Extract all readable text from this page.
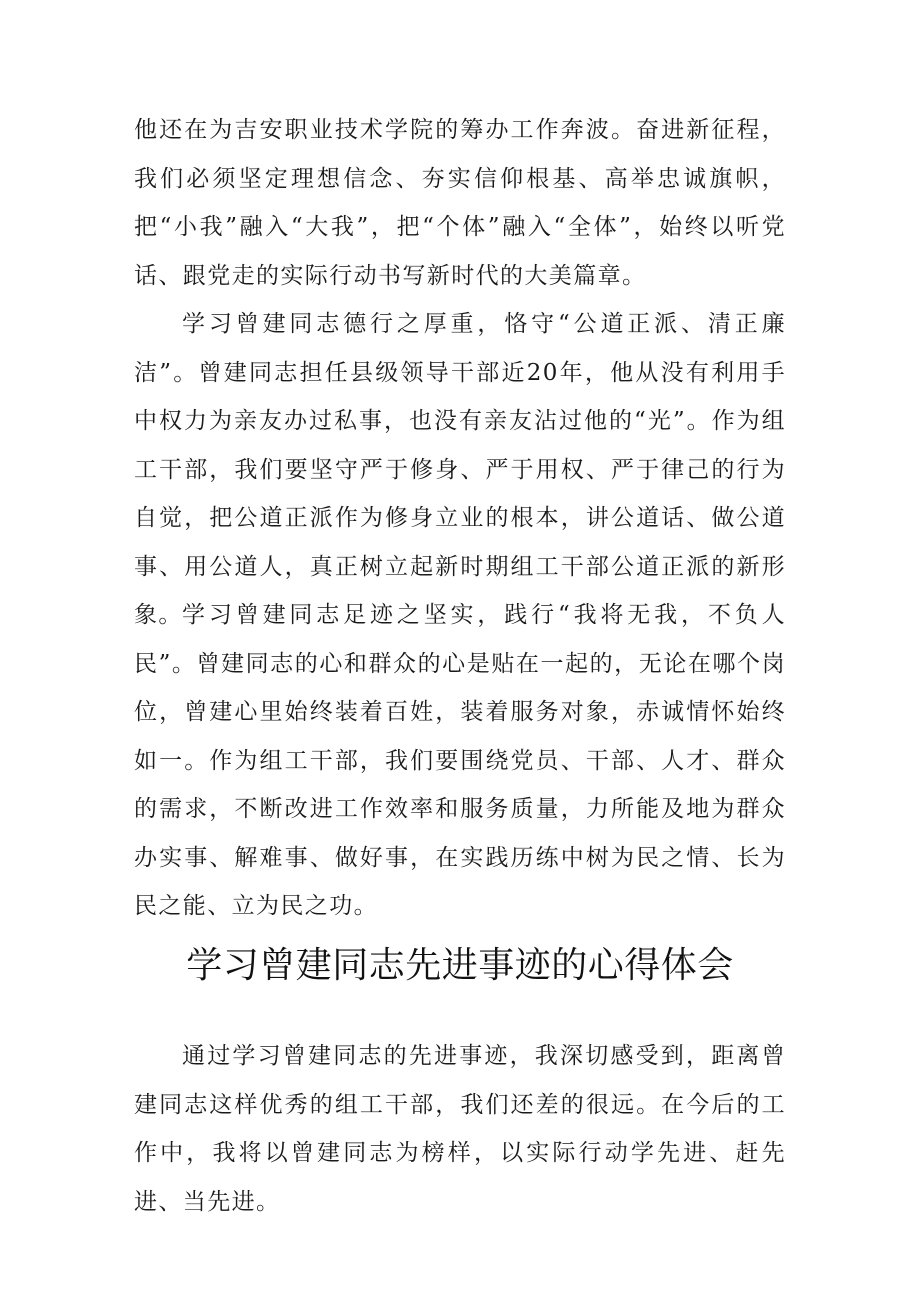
他还在为吉安职业技术学院的筹办工作奔波。奋进新征程，我们必须坚定理想信念、夯实信仰根基、高举忠诚旗帜，把“小我”融入“大我”，把“个体”融入“全体”，始终以听党话、跟党走的实际行动书写新时代的大美篇章。

学习曾建同志德行之厚重，恪守“公道正派、清正廉洁”。曾建同志担任县级领导干部近20年，他从没有利用手中权力为亲友办过私事，也没有亲友沾过他的“光”。作为组工干部，我们要坚守严于修身、严于用权、严于律己的行为自觉，把公道正派作为修身立业的根本，讲公道话、做公道事、用公道人，真正树立起新时期组工干部公道正派的新形象。 学习曾建同志足迹之坚实，践行“我将无我，不负人民”。曾建同志的心和群众的心是贴在一起的，无论在哪个岗位，曾建心里始终装着百姓，装着服务对象，赤诚情怀始终如一。作为组工干部，我们要围绕党员、干部、人才、群众的需求，不断改进工作效率和服务质量，力所能及地为群众办实事、解难事、做好事，在实践历练中树为民之情、长为民之能、立为民之功。

学习曾建同志先进事迹的心得体会

通过学习曾建同志的先进事迹，我深切感受到，距离曾建同志这样优秀的组工干部，我们还差的很远。在今后的工作中，我将以曾建同志为榜样，以实际行动学先进、赶先进、当先进。
